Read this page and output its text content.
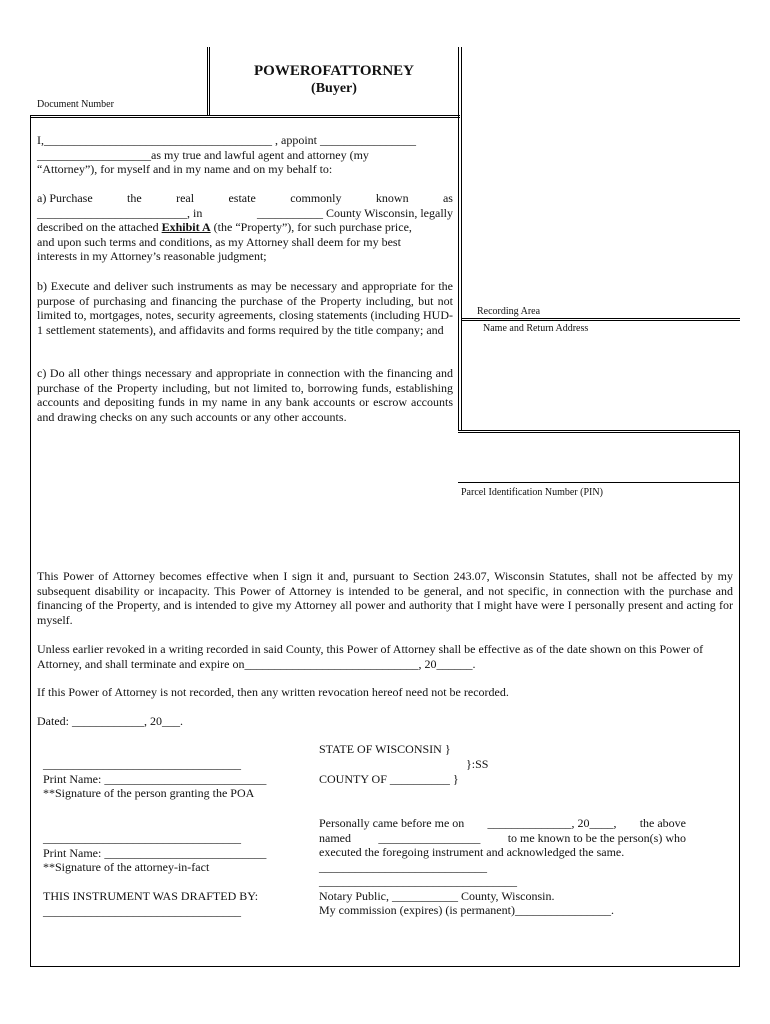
POWEROFATTORNEY
(Buyer)
Document Number
Recording Area
Name and Return Address
Parcel Identification Number (PIN)
I,______________________________________ , appoint ________________
___________________as my true and lawful agent and attorney (my
“Attorney”), for myself and in my name and on my behalf to:
a) Purchase	the	real	estate	commonly	known	as
_________________________, in	___________ County Wisconsin, legally
described on the attached Exhibit A (the “Property”), for such purchase price,
and upon such terms and conditions, as my Attorney shall deem for my best
interests in my Attorney’s reasonable judgment;
b) Execute and deliver such instruments as may be necessary and appropriate for the purpose of purchasing and financing the purchase of the Property including, but not limited to, mortgages, notes, security agreements, closing statements (including HUD-1 settlement statements), and affidavits and forms required by the title company; and
c) Do all other things necessary and appropriate in connection with the financing and purchase of the Property including, but not limited to, borrowing funds, establishing accounts and depositing funds in my name in any bank accounts or escrow accounts and drawing checks on any such accounts or any other accounts.
This Power of Attorney becomes effective when I sign it and, pursuant to Section 243.07, Wisconsin Statutes, shall not be affected by my subsequent disability or incapacity. This Power of Attorney is intended to be general, and not specific, in connection with the purchase and financing of the Property, and is intended to give my Attorney all power and authority that I might have were I personally present and acting for myself.
Unless earlier revoked in a writing recorded in said County, this Power of Attorney shall be effective as of the date shown on this Power of
Attorney, and shall terminate and expire on_____________________________, 20______.
If this Power of Attorney is not recorded, then any written revocation hereof need not be recorded.
Dated: ____________, 20___.
_________________________________
Print Name: ___________________________
**Signature of the person granting the POA
_________________________________
Print Name: ___________________________
**Signature of the attorney-in-fact
THIS INSTRUMENT WAS DRAFTED BY:
_________________________________
STATE OF WISCONSIN }
}:SS
COUNTY OF __________ }
Personally came before me on ______________, 20____, the above
named _________________ to me known to be the person(s) who
executed the foregoing instrument and acknowledged the same.
____________________________
_________________________________
Notary Public, ___________ County, Wisconsin.
My commission (expires) (is permanent)________________.
